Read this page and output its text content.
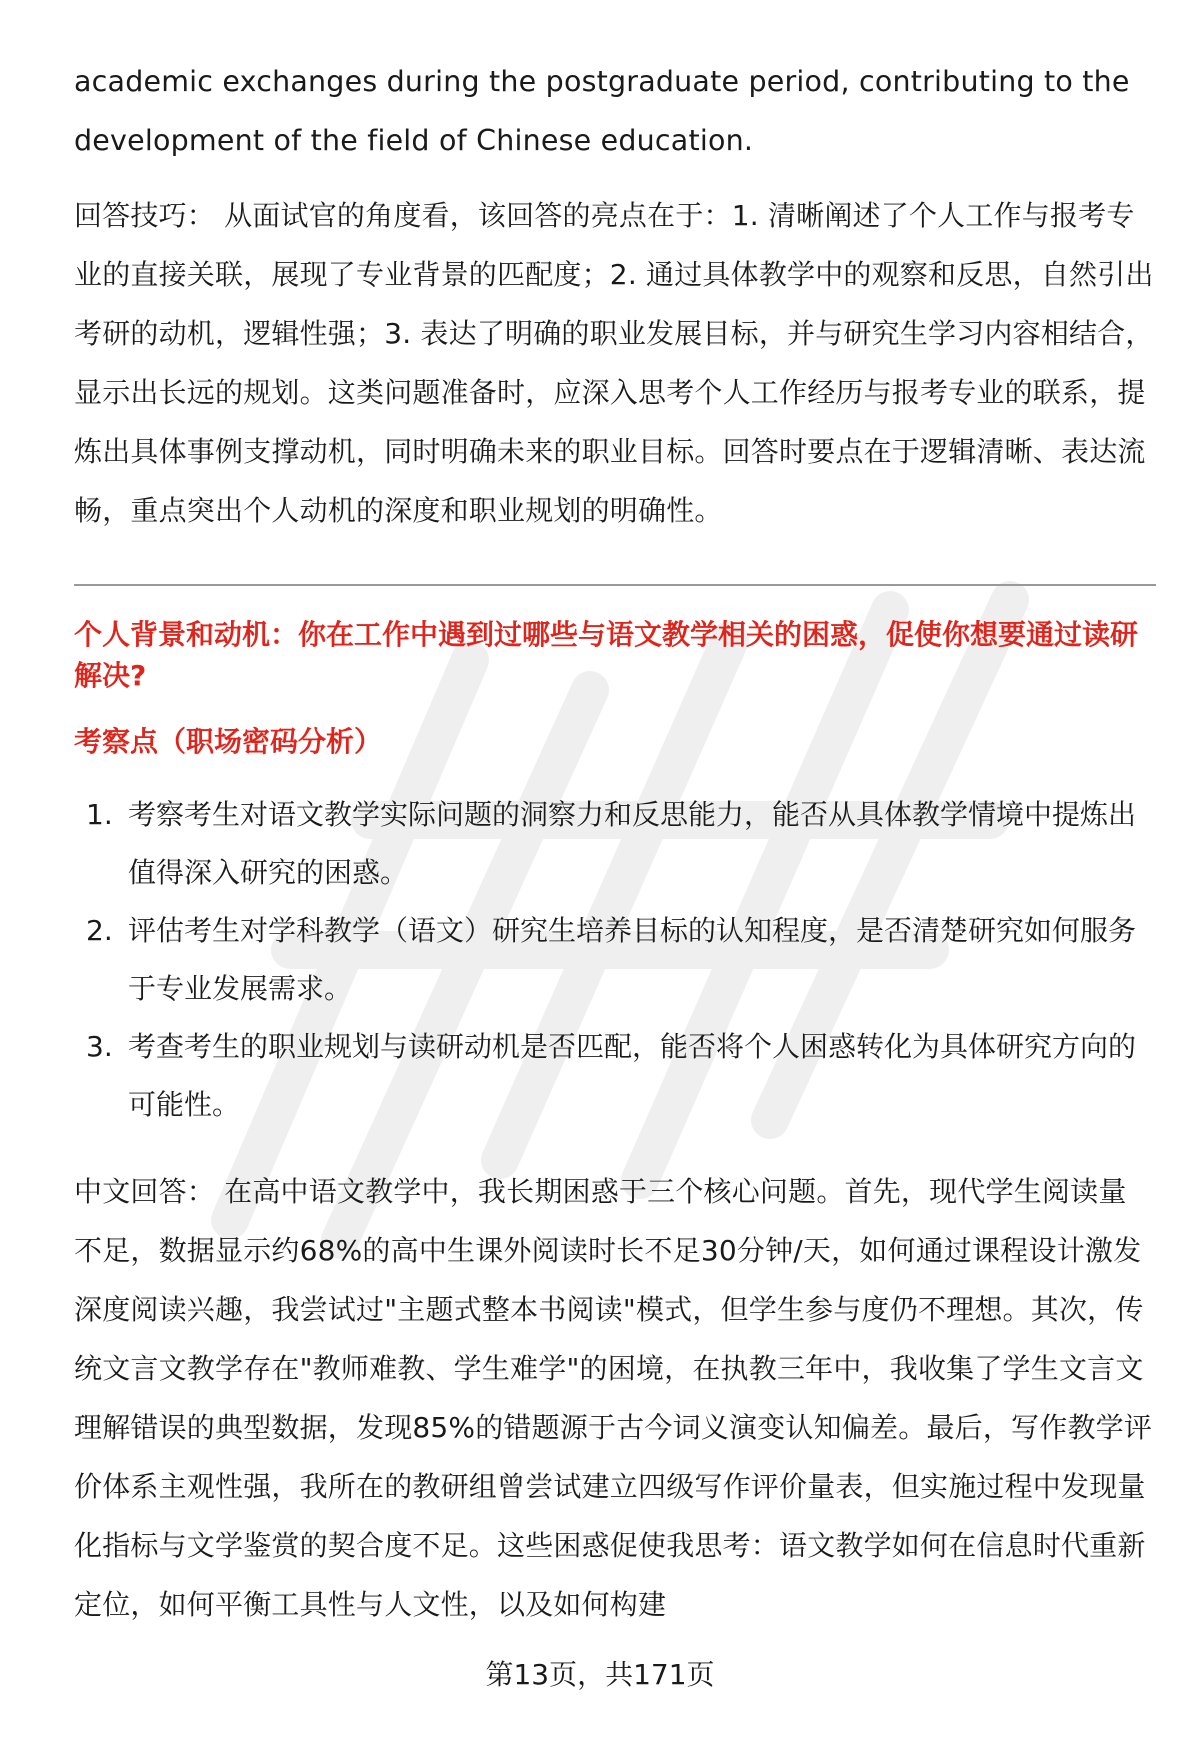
academic exchanges during the postgraduate period, contributing to the development of the field of Chinese education.

回答技巧： 从面试官的角度看，该回答的亮点在于：1. 清晰阐述了个人工作与报考专业的直接关联，展现了专业背景的匹配度；2. 通过具体教学中的观察和反思，自然引出考研的动机，逻辑性强；3. 表达了明确的职业发展目标，并与研究生学习内容相结合，显示出长远的规划。这类问题准备时，应深入思考个人工作经历与报考专业的联系，提炼出具体事例支撑动机，同时明确未来的职业目标。回答时要点在于逻辑清晰、表达流畅，重点突出个人动机的深度和职业规划的明确性。

个人背景和动机：你在工作中遇到过哪些与语文教学相关的困惑，促使你想要通过读研解决?

考察点（职场密码分析）

1. 考察考生对语文教学实际问题的洞察力和反思能力，能否从具体教学情境中提炼出值得深入研究的困惑。
2. 评估考生对学科教学（语文）研究生培养目标的认知程度，是否清楚研究如何服务于专业发展需求。
3. 考查考生的职业规划与读研动机是否匹配，能否将个人困惑转化为具体研究方向的可能性。

中文回答： 在高中语文教学中，我长期困惑于三个核心问题。首先，现代学生阅读量不足，数据显示约68%的高中生课外阅读时长不足30分钟/天，如何通过课程设计激发深度阅读兴趣，我尝试过"主题式整本书阅读"模式，但学生参与度仍不理想。其次，传统文言文教学存在"教师难教、学生难学"的困境，在执教三年中，我收集了学生文言文理解错误的典型数据，发现85%的错题源于古今词义演变认知偏差。最后，写作教学评价体系主观性强，我所在的教研组曾尝试建立四级写作评价量表，但实施过程中发现量化指标与文学鉴赏的契合度不足。这些困惑促使我思考：语文教学如何在信息时代重新定位，如何平衡工具性与人文性，以及如何构建

第13页，共171页
